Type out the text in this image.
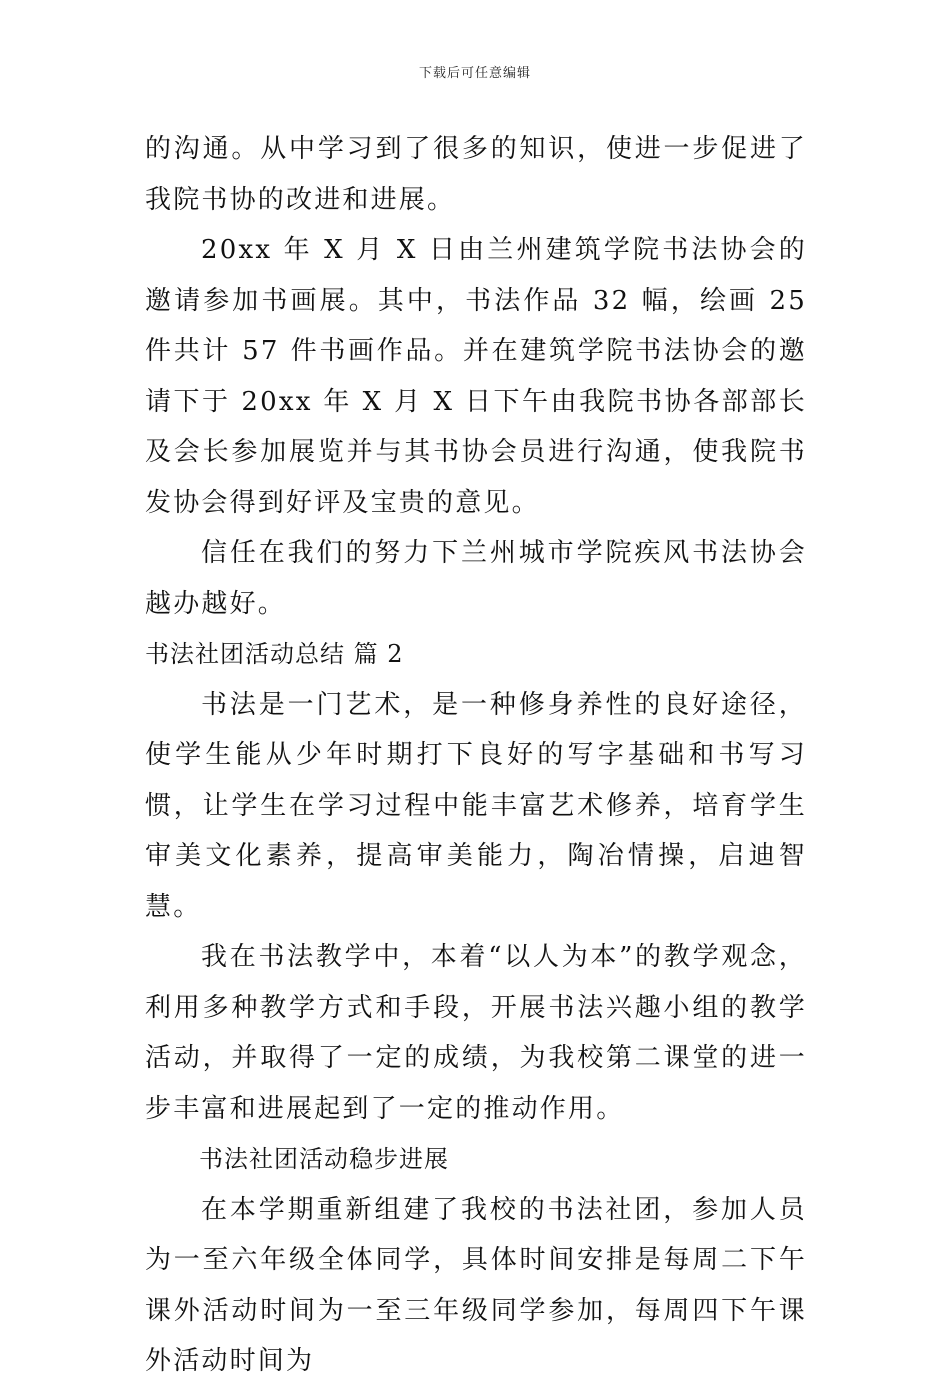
下载后可任意编辑

的沟通。从中学习到了很多的知识，使进一步促进了我院书协的改进和进展。

20xx 年 X 月 X 日由兰州建筑学院书法协会的邀请参加书画展。其中，书法作品 32 幅，绘画 25 件共计 57 件书画作品。并在建筑学院书法协会的邀请下于 20xx 年 X 月 X 日下午由我院书协各部部长及会长参加展览并与其书协会员进行沟通，使我院书发协会得到好评及宝贵的意见。

信任在我们的努力下兰州城市学院疾风书法协会越办越好。

书法社团活动总结 篇 2

书法是一门艺术，是一种修身养性的良好途径，使学生能从少年时期打下良好的写字基础和书写习惯，让学生在学习过程中能丰富艺术修养，培育学生审美文化素养，提高审美能力，陶冶情操，启迪智慧。

我在书法教学中，本着“以人为本”的教学观念，利用多种教学方式和手段，开展书法兴趣小组的教学活动，并取得了一定的成绩，为我校第二课堂的进一步丰富和进展起到了一定的推动作用。

书法社团活动稳步进展

在本学期重新组建了我校的书法社团，参加人员为一至六年级全体同学，具体时间安排是每周二下午课外活动时间为一至三年级同学参加，每周四下午课外活动时间为
